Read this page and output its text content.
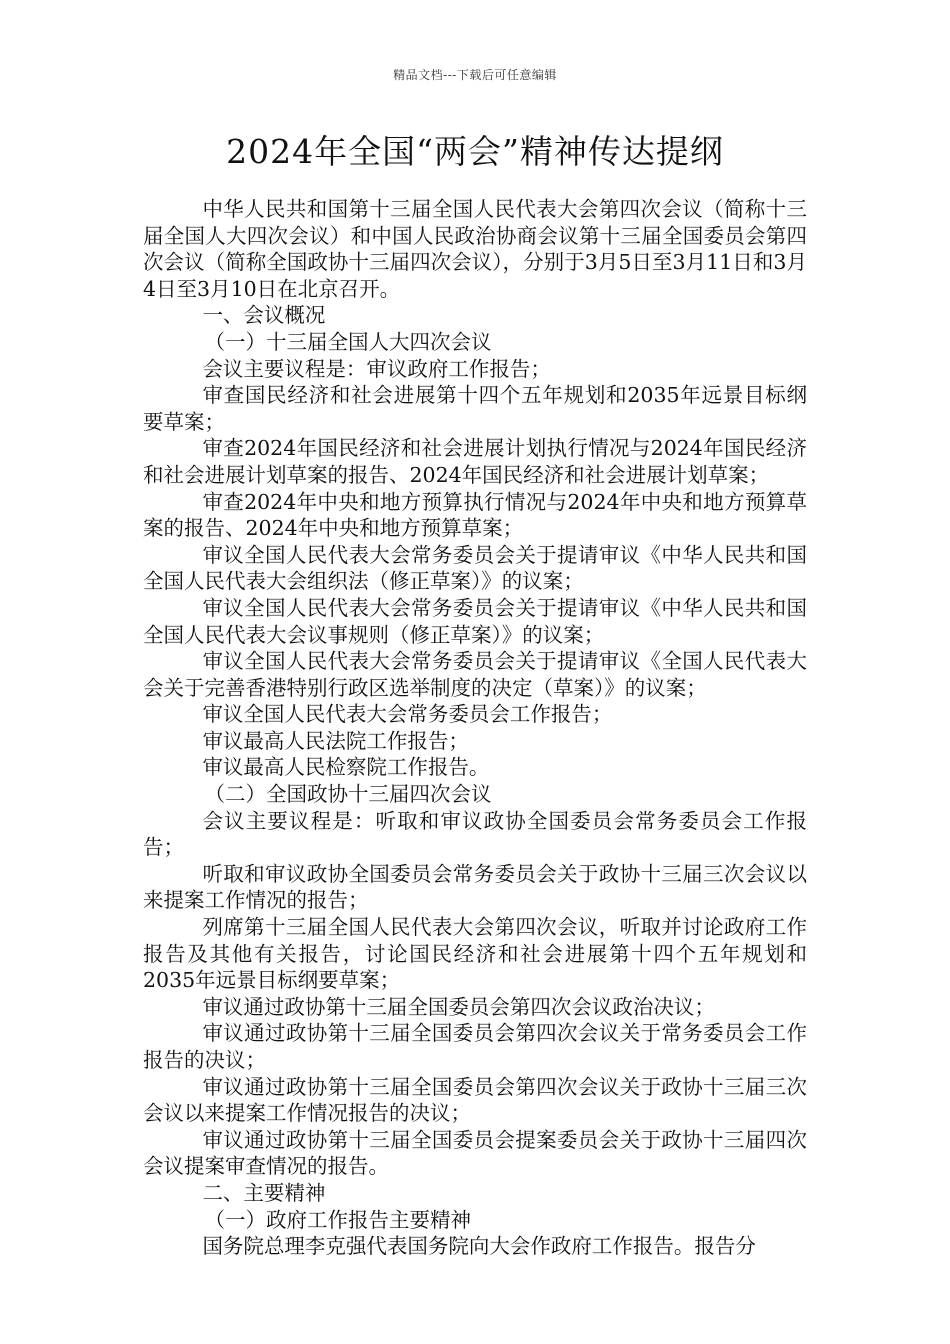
精品文档---下载后可任意编辑
2024年全国“两会”精神传达提纲

中华人民共和国第十三届全国人民代表大会第四次会议（简称十三届全国人大四次会议）和中国人民政治协商会议第十三届全国委员会第四次会议（简称全国政协十三届四次会议），分别于3月5日至3月11日和3月4日至3月10日在北京召开。

一、会议概况

（一）十三届全国人大四次会议

会议主要议程是：审议政府工作报告；

审查国民经济和社会进展第十四个五年规划和2035年远景目标纲要草案；

审查2024年国民经济和社会进展计划执行情况与2024年国民经济和社会进展计划草案的报告、2024年国民经济和社会进展计划草案；

审查2024年中央和地方预算执行情况与2024年中央和地方预算草案的报告、2024年中央和地方预算草案；

审议全国人民代表大会常务委员会关于提请审议《中华人民共和国全国人民代表大会组织法（修正草案）》的议案；

审议全国人民代表大会常务委员会关于提请审议《中华人民共和国全国人民代表大会议事规则（修正草案）》的议案；

审议全国人民代表大会常务委员会关于提请审议《全国人民代表大会关于完善香港特别行政区选举制度的决定（草案）》的议案；

审议全国人民代表大会常务委员会工作报告；

审议最高人民法院工作报告；

审议最高人民检察院工作报告。

（二）全国政协十三届四次会议

会议主要议程是：听取和审议政协全国委员会常务委员会工作报告；

听取和审议政协全国委员会常务委员会关于政协十三届三次会议以来提案工作情况的报告；

列席第十三届全国人民代表大会第四次会议，听取并讨论政府工作报告及其他有关报告，讨论国民经济和社会进展第十四个五年规划和2035年远景目标纲要草案；

审议通过政协第十三届全国委员会第四次会议政治决议；

审议通过政协第十三届全国委员会第四次会议关于常务委员会工作报告的决议；

审议通过政协第十三届全国委员会第四次会议关于政协十三届三次会议以来提案工作情况报告的决议；

审议通过政协第十三届全国委员会提案委员会关于政协十三届四次会议提案审查情况的报告。

二、主要精神

（一）政府工作报告主要精神

国务院总理李克强代表国务院向大会作政府工作报告。报告分
